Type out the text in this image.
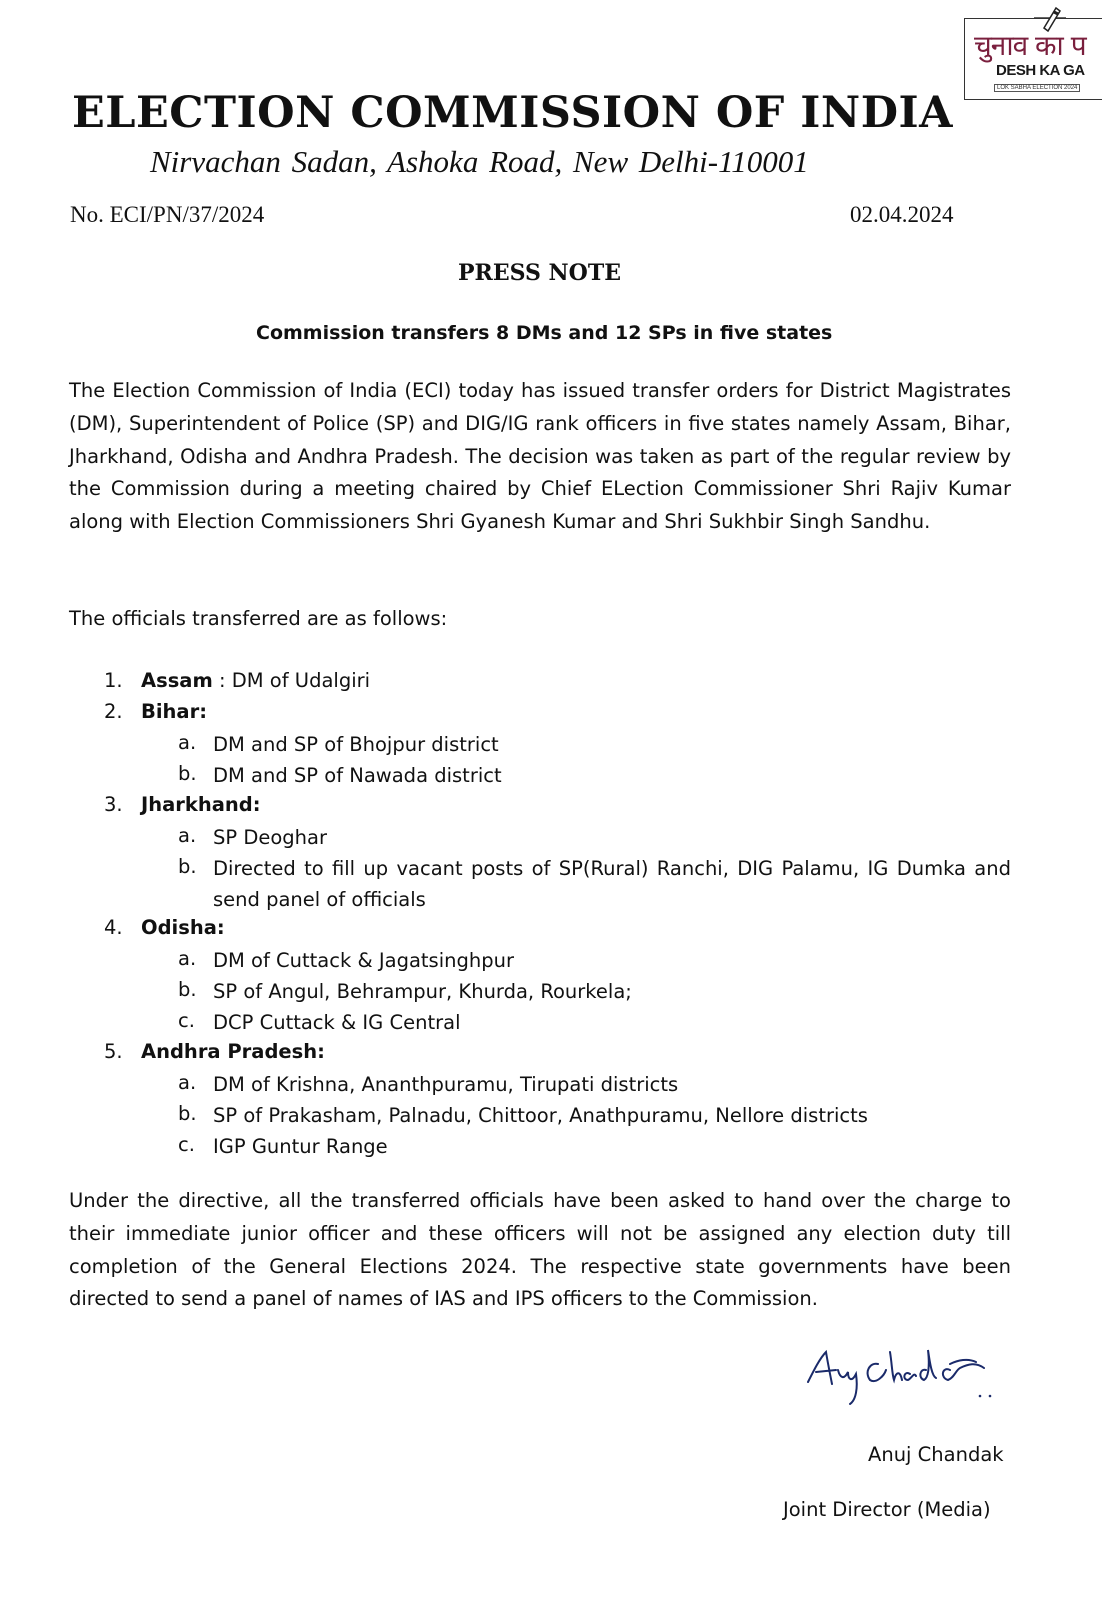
चुनाव का प
DESH KA GA
LOK SABHA ELECTION 2024
ELECTION COMMISSION OF INDIA
Nirvachan Sadan, Ashoka Road, New Delhi-110001
No. ECI/PN/37/2024	02.04.2024
PRESS NOTE
Commission transfers 8 DMs and 12 SPs in five states

The Election Commission of India (ECI) today has issued transfer orders for District Magistrates (DM), Superintendent of Police (SP) and DIG/IG rank officers in five states namely Assam, Bihar, Jharkhand, Odisha and Andhra Pradesh. The decision was taken as part of the regular review by the Commission during a meeting chaired by Chief ELection Commissioner Shri Rajiv Kumar along with Election Commissioners Shri Gyanesh Kumar and Shri Sukhbir Singh Sandhu.

The officials transferred are as follows:

1. Assam : DM of Udalgiri
2. Bihar:
a. DM and SP of Bhojpur district
b. DM and SP of Nawada district
3. Jharkhand:
a. SP Deoghar
b. Directed to fill up vacant posts of SP(Rural) Ranchi, DIG Palamu, IG Dumka and send panel of officials
4. Odisha:
a. DM of Cuttack & Jagatsinghpur
b. SP of Angul, Behrampur, Khurda, Rourkela;
c. DCP Cuttack & IG Central
5. Andhra Pradesh:
a. DM of Krishna, Ananthpuramu, Tirupati districts
b. SP of Prakasham, Palnadu, Chittoor, Anathpuramu, Nellore districts
c. IGP Guntur Range

Under the directive, all the transferred officials have been asked to hand over the charge to their immediate junior officer and these officers will not be assigned any election duty till completion of the General Elections 2024. The respective state governments have been directed to send a panel of names of IAS and IPS officers to the Commission.

Anuj Chandak
Joint Director (Media)
